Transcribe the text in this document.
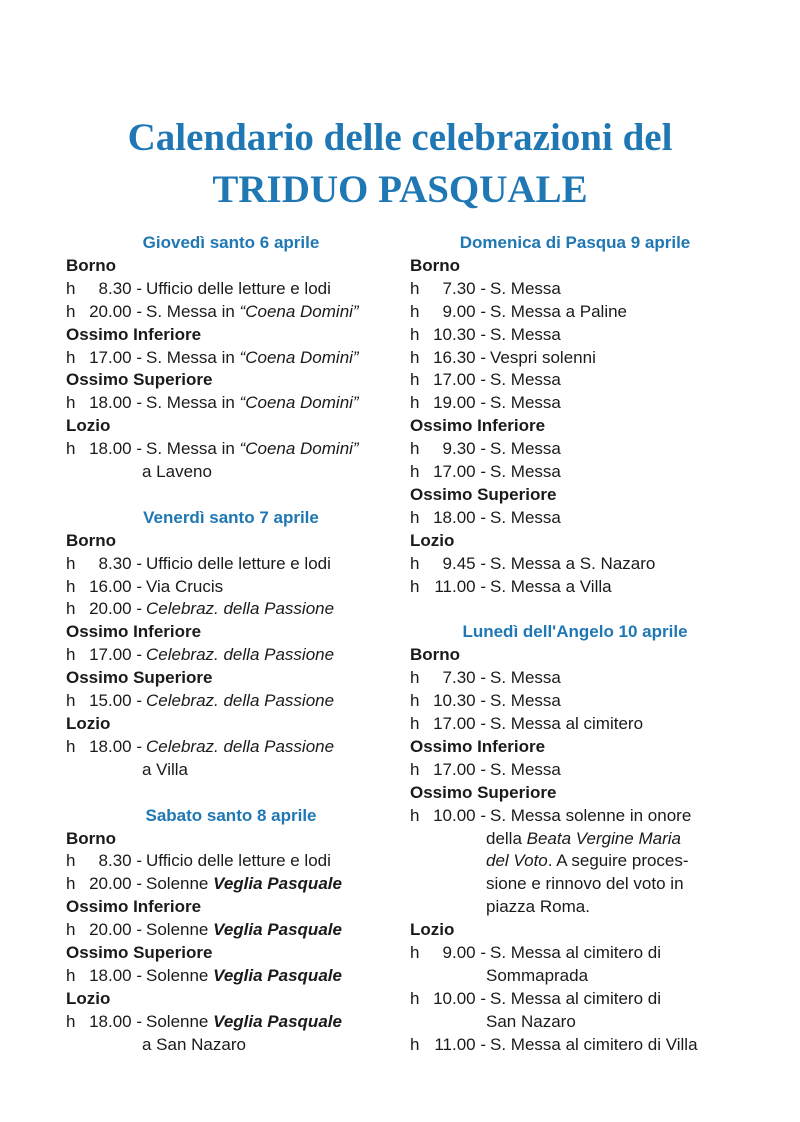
Calendario delle celebrazioni del
TRIDUO PASQUALE
Giovedì santo 6 aprile
Borno
h	8.30 - Ufficio delle letture e lodi
h 20.00 - S. Messa in “Coena Domini”
Ossimo Inferiore
h 17.00 - S. Messa in “Coena Domini”
Ossimo Superiore
h 18.00 - S. Messa in “Coena Domini”
Lozio
h 18.00 - S. Messa in “Coena Domini”
a Laveno
Venerdì santo 7 aprile
Borno
h	8.30 - Ufficio delle letture e lodi
h 16.00 - Via Crucis
h 20.00 - Celebraz. della Passione
Ossimo Inferiore
h 17.00 - Celebraz. della Passione
Ossimo Superiore
h 15.00 - Celebraz. della Passione
Lozio
h 18.00 - Celebraz. della Passione
a Villa
Sabato santo 8 aprile
Borno
h	8.30 - Ufficio delle letture e lodi
h 20.00 - Solenne Veglia Pasquale
Ossimo Inferiore
h 20.00 - Solenne Veglia Pasquale
Ossimo Superiore
h 18.00 - Solenne Veglia Pasquale
Lozio
h 18.00 - Solenne Veglia Pasquale
a San Nazaro
Domenica di Pasqua 9 aprile
Borno
h	7.30 - S. Messa
h	9.00 - S. Messa a Paline
h 10.30 - S. Messa
h 16.30 - Vespri solenni
h 17.00 - S. Messa
h 19.00 - S. Messa
Ossimo Inferiore
h	9.30 - S. Messa
h 17.00 - S. Messa
Ossimo Superiore
h 18.00 - S. Messa
Lozio
h	9.45 - S. Messa a S. Nazaro
h 11.00 - S. Messa a Villa
Lunedì dell'Angelo 10 aprile
Borno
h	7.30 - S. Messa
h 10.30 - S. Messa
h 17.00 - S. Messa al cimitero
Ossimo Inferiore
h 17.00 - S. Messa
Ossimo Superiore
h 10.00 - S. Messa solenne in onore
della Beata Vergine Maria
del Voto. A seguire proces-
sione e rinnovo del voto in
piazza Roma.
Lozio
h	9.00 - S. Messa al cimitero di
Sommaprada
h 10.00 - S. Messa al cimitero di
San Nazaro
h 11.00 - S. Messa al cimitero di Villa
